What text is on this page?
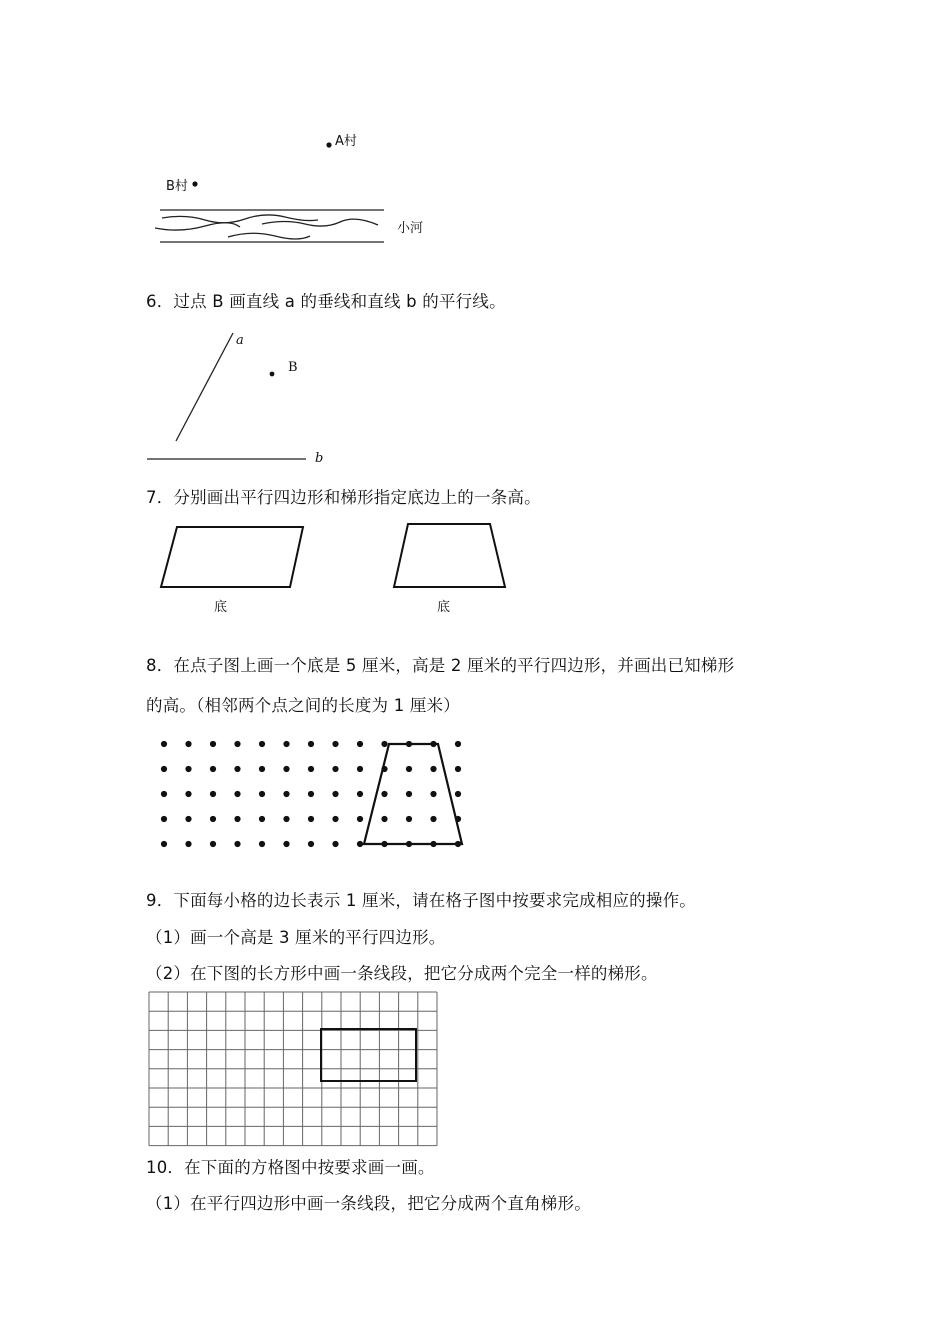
A村
B村
小河
6．过点 B 画直线 a 的垂线和直线 b 的平行线。
a
B
b
7．分别画出平行四边形和梯形指定底边上的一条高。
底	底
8．在点子图上画一个底是 5 厘米，高是 2 厘米的平行四边形，并画出已知梯形
的高。（相邻两个点之间的长度为 1 厘米）
9．下面每小格的边长表示 1 厘米，请在格子图中按要求完成相应的操作。
（1）画一个高是 3 厘米的平行四边形。
（2）在下图的长方形中画一条线段，把它分成两个完全一样的梯形。
10．在下面的方格图中按要求画一画。
（1）在平行四边形中画一条线段，把它分成两个直角梯形。
